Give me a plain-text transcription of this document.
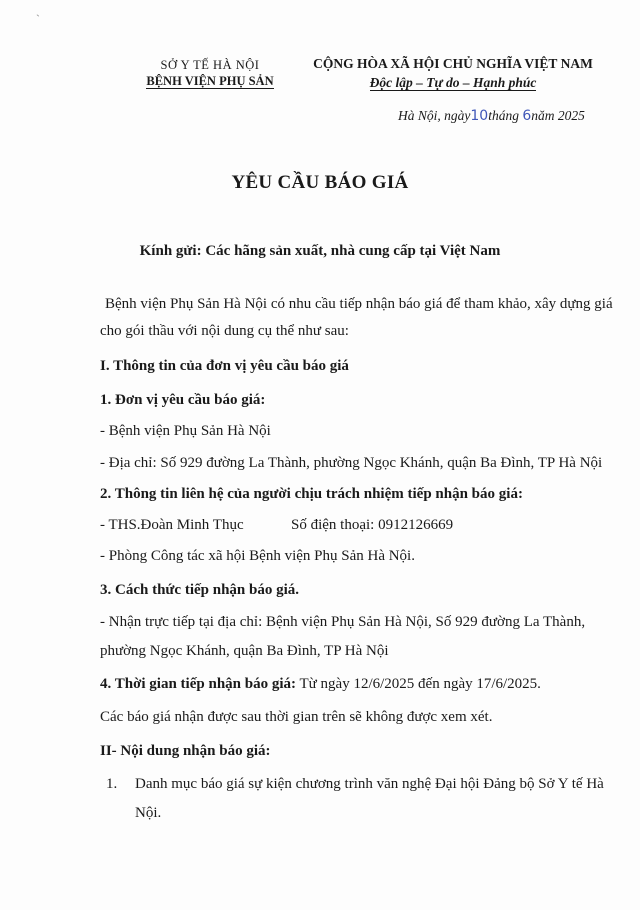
ˋ
SỞ Y TẾ HÀ NỘI
BỆNH VIỆN PHỤ SẢN
CỘNG HÒA XÃ HỘI CHỦ NGHĨA VIỆT NAM
Độc lập – Tự do – Hạnh phúc
Hà Nội, ngày10tháng 6năm 2025
YÊU CẦU BÁO GIÁ
Kính gửi: Các hãng sản xuất, nhà cung cấp tại Việt Nam
Bệnh viện Phụ Sản Hà Nội có nhu cầu tiếp nhận báo giá để tham khảo, xây dựng giá
cho gói thầu với nội dung cụ thể như sau:
I. Thông tin của đơn vị yêu cầu báo giá
1. Đơn vị yêu cầu báo giá:
- Bệnh viện Phụ Sản Hà Nội
- Địa chỉ: Số 929 đường La Thành, phường Ngọc Khánh, quận Ba Đình, TP Hà Nội
2. Thông tin liên hệ của người chịu trách nhiệm tiếp nhận báo giá:
- THS.Đoàn Minh Thục	Số điện thoại: 0912126669
- Phòng Công tác xã hội Bệnh viện Phụ Sản Hà Nội.
3. Cách thức tiếp nhận báo giá.
- Nhận trực tiếp tại địa chỉ: Bệnh viện Phụ Sản Hà Nội, Số 929 đường La Thành,
phường Ngọc Khánh, quận Ba Đình, TP Hà Nội
4. Thời gian tiếp nhận báo giá: Từ ngày 12/6/2025 đến ngày 17/6/2025.
Các báo giá nhận được sau thời gian trên sẽ không được xem xét.
II- Nội dung nhận báo giá:
1. Danh mục báo giá sự kiện chương trình văn nghệ Đại hội Đảng bộ Sở Y tế Hà
Nội.
